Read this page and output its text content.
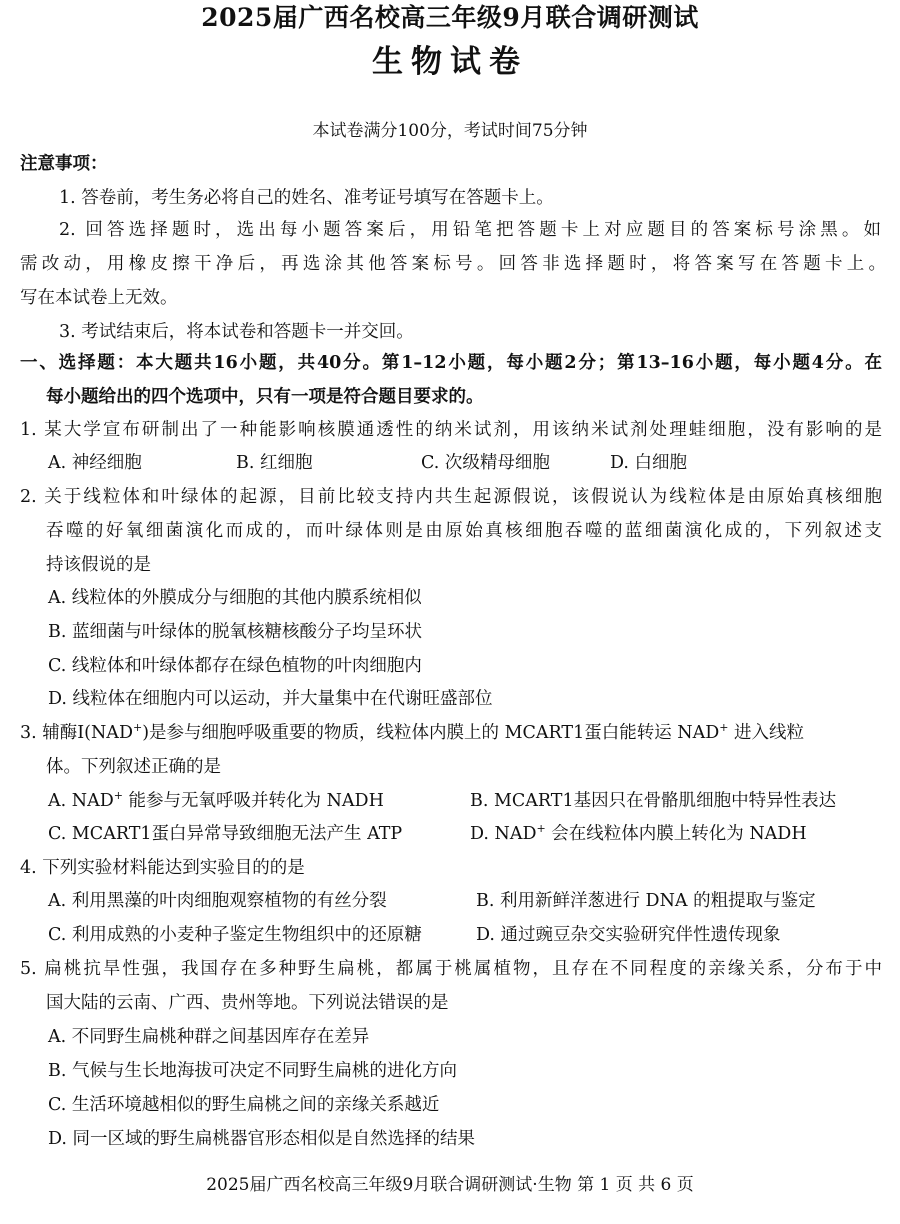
2025届广西名校高三年级9月联合调研测试
生物试卷
本试卷满分100分，考试时间75分钟
注意事项：
1. 答卷前，考生务必将自己的姓名、准考证号填写在答题卡上。
2. 回答选择题时，选出每小题答案后，用铅笔把答题卡上对应题目的答案标号涂黑。如
需改动，用橡皮擦干净后，再选涂其他答案标号。回答非选择题时，将答案写在答题卡上。
写在本试卷上无效。
3. 考试结束后，将本试卷和答题卡一并交回。
一、选择题：本大题共16小题，共40分。第1–12小题，每小题2分；第13–16小题，每小题4分。在
每小题给出的四个选项中，只有一项是符合题目要求的。
1. 某大学宣布研制出了一种能影响核膜通透性的纳米试剂，用该纳米试剂处理蛙细胞，没有影响的是
A. 神经细胞	B. 红细胞	C. 次级精母细胞	D. 白细胞
2. 关于线粒体和叶绿体的起源，目前比较支持内共生起源假说，该假说认为线粒体是由原始真核细胞
吞噬的好氧细菌演化而成的，而叶绿体则是由原始真核细胞吞噬的蓝细菌演化成的，下列叙述支
持该假说的是
A. 线粒体的外膜成分与细胞的其他内膜系统相似
B. 蓝细菌与叶绿体的脱氧核糖核酸分子均呈环状
C. 线粒体和叶绿体都存在绿色植物的叶肉细胞内
D. 线粒体在细胞内可以运动，并大量集中在代谢旺盛部位
3. 辅酶Ⅰ(NAD+)是参与细胞呼吸重要的物质，线粒体内膜上的 MCART1蛋白能转运 NAD+ 进入线粒
体。下列叙述正确的是
A. NAD+ 能参与无氧呼吸并转化为 NADH	B. MCART1基因只在骨骼肌细胞中特异性表达
C. MCART1蛋白异常导致细胞无法产生 ATP	D. NAD+ 会在线粒体内膜上转化为 NADH
4. 下列实验材料能达到实验目的的是
A. 利用黑藻的叶肉细胞观察植物的有丝分裂	B. 利用新鲜洋葱进行 DNA 的粗提取与鉴定
C. 利用成熟的小麦种子鉴定生物组织中的还原糖	D. 通过豌豆杂交实验研究伴性遗传现象
5. 扁桃抗旱性强，我国存在多种野生扁桃，都属于桃属植物，且存在不同程度的亲缘关系，分布于中
国大陆的云南、广西、贵州等地。下列说法错误的是
A. 不同野生扁桃种群之间基因库存在差异
B. 气候与生长地海拔可决定不同野生扁桃的进化方向
C. 生活环境越相似的野生扁桃之间的亲缘关系越近
D. 同一区域的野生扁桃器官形态相似是自然选择的结果
2025届广西名校高三年级9月联合调研测试·生物 第 1 页 共 6 页
